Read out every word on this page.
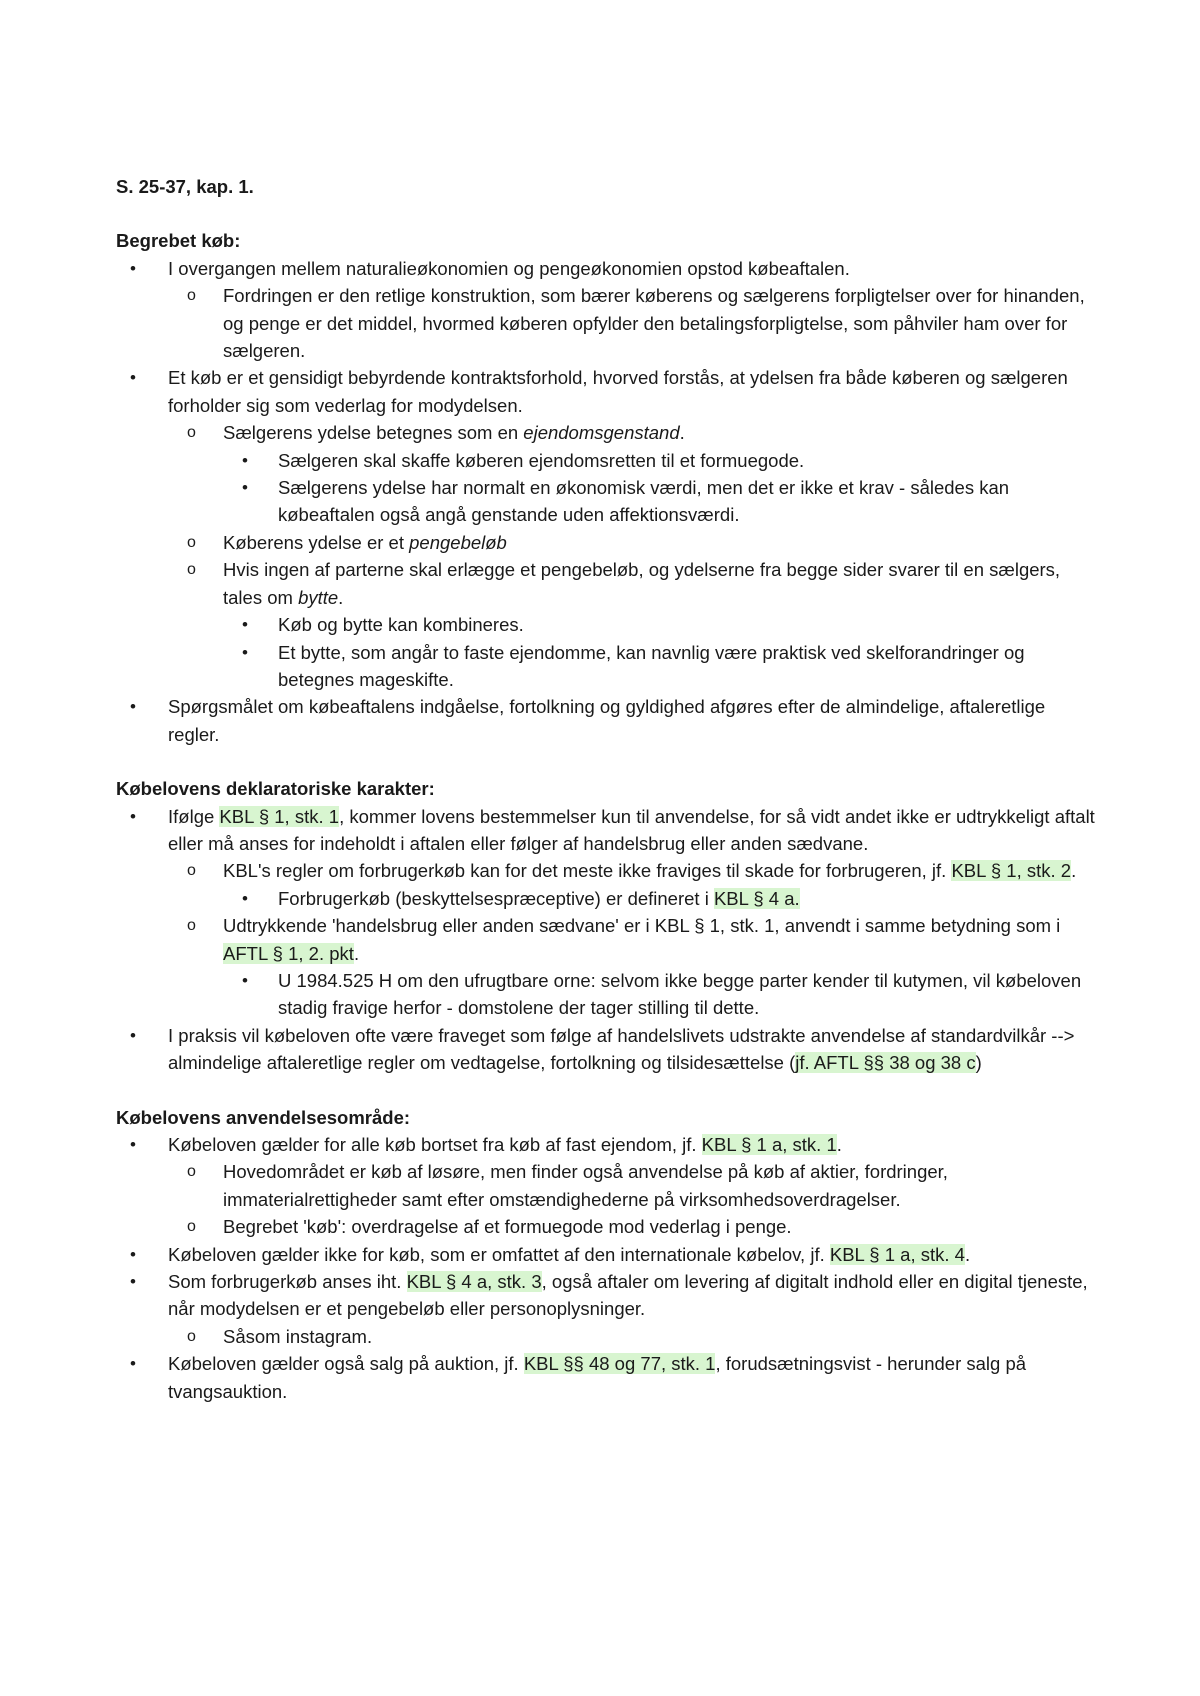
S. 25-37, kap. 1.
Begrebet køb:
• I overgangen mellem naturalieøkonomien og pengeøkonomien opstod købeaftalen.
o Fordringen er den retlige konstruktion, som bærer køberens og sælgerens forpligtelser over for hinanden, og penge er det middel, hvormed køberen opfylder den betalingsforpligtelse, som påhviler ham over for sælgeren.
• Et køb er et gensidigt bebyrdende kontraktsforhold, hvorved forstås, at ydelsen fra både køberen og sælgeren forholder sig som vederlag for modydelsen.
o Sælgerens ydelse betegnes som en ejendomsgenstand.
• Sælgeren skal skaffe køberen ejendomsretten til et formuegode.
• Sælgerens ydelse har normalt en økonomisk værdi, men det er ikke et krav - således kan købeaftalen også angå genstande uden affektionsværdi.
o Køberens ydelse er et pengebeløb
o Hvis ingen af parterne skal erlægge et pengebeløb, og ydelserne fra begge sider svarer til en sælgers, tales om bytte.
• Køb og bytte kan kombineres.
• Et bytte, som angår to faste ejendomme, kan navnlig være praktisk ved skelforandringer og betegnes mageskifte.
• Spørgsmålet om købeaftalens indgåelse, fortolkning og gyldighed afgøres efter de almindelige, aftaleretlige regler.
Købelovens deklaratoriske karakter:
• Ifølge KBL § 1, stk. 1, kommer lovens bestemmelser kun til anvendelse, for så vidt andet ikke er udtrykkeligt aftalt eller må anses for indeholdt i aftalen eller følger af handelsbrug eller anden sædvane.
o KBL's regler om forbrugerkøb kan for det meste ikke fraviges til skade for forbrugeren, jf. KBL § 1, stk. 2.
• Forbrugerkøb (beskyttelsespræceptive) er defineret i KBL § 4 a.
o Udtrykkende 'handelsbrug eller anden sædvane' er i KBL § 1, stk. 1, anvendt i samme betydning som i AFTL § 1, 2. pkt.
• U 1984.525 H om den ufrugtbare orne: selvom ikke begge parter kender til kutymen, vil købeloven stadig fravige herfor - domstolene der tager stilling til dette.
• I praksis vil købeloven ofte være fraveget som følge af handelslivets udstrakte anvendelse af standardvilkår --> almindelige aftaleretlige regler om vedtagelse, fortolkning og tilsidesættelse (jf. AFTL §§ 38 og 38 c)
Købelovens anvendelsesområde:
• Købeloven gælder for alle køb bortset fra køb af fast ejendom, jf. KBL § 1 a, stk. 1.
o Hovedområdet er køb af løsøre, men finder også anvendelse på køb af aktier, fordringer, immaterialrettigheder samt efter omstændighederne på virksomhedsoverdragelser.
o Begrebet 'køb': overdragelse af et formuegode mod vederlag i penge.
• Købeloven gælder ikke for køb, som er omfattet af den internationale købelov, jf. KBL § 1 a, stk. 4.
• Som forbrugerkøb anses iht. KBL § 4 a, stk. 3, også aftaler om levering af digitalt indhold eller en digital tjeneste, når modydelsen er et pengebeløb eller personoplysninger.
o Såsom instagram.
• Købeloven gælder også salg på auktion, jf. KBL §§ 48 og 77, stk. 1, forudsætningsvist - herunder salg på tvangsauktion.
